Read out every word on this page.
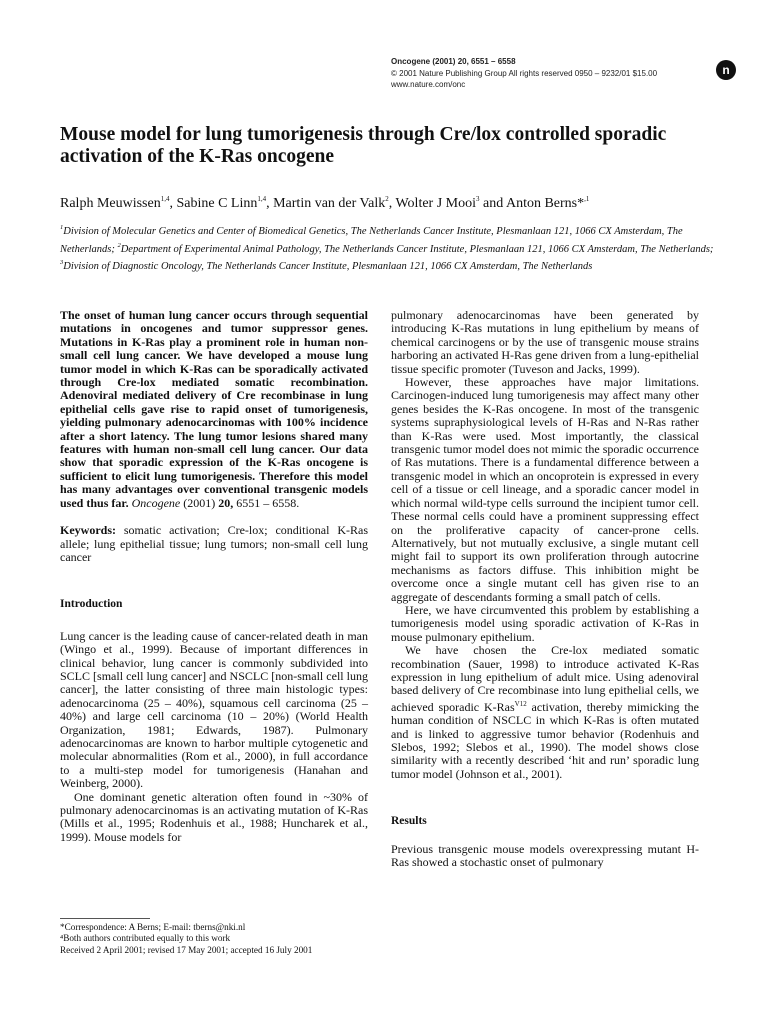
Oncogene (2001) 20, 6551 – 6558
© 2001 Nature Publishing Group All rights reserved 0950 – 9232/01 $15.00
www.nature.com/onc
n
Mouse model for lung tumorigenesis through Cre/lox controlled sporadic activation of the K-Ras oncogene
Ralph Meuwissen$^{1,4}$, Sabine C Linn$^{1,4}$, Martin van der Valk$^2$, Wolter J Mooi$^3$ and Anton Berns*$^{,1}$
$^1$Division of Molecular Genetics and Center of Biomedical Genetics, The Netherlands Cancer Institute, Plesmanlaan 121, 1066 CX Amsterdam, The Netherlands; $^2$Department of Experimental Animal Pathology, The Netherlands Cancer Institute, Plesmanlaan 121, 1066 CX Amsterdam, The Netherlands; $^3$Division of Diagnostic Oncology, The Netherlands Cancer Institute, Plesmanlaan 121, 1066 CX Amsterdam, The Netherlands

The onset of human lung cancer occurs through sequential mutations in oncogenes and tumor suppressor genes. Mutations in K-Ras play a prominent role in human non-small cell lung cancer. We have developed a mouse lung tumor model in which K-Ras can be sporadically activated through Cre-lox mediated somatic recombination. Adenoviral mediated delivery of Cre recombinase in lung epithelial cells gave rise to rapid onset of tumorigenesis, yielding pulmonary adenocarcinomas with 100% incidence after a short latency. The lung tumor lesions shared many features with human non-small cell lung cancer. Our data show that sporadic expression of the K-Ras oncogene is sufficient to elicit lung tumorigenesis. Therefore this model has many advantages over conventional transgenic models used thus far. Oncogene (2001) 20, 6551 – 6558.

Keywords: somatic activation; Cre-lox; conditional K-Ras allele; lung epithelial tissue; lung tumors; non-small cell lung cancer

Introduction

Lung cancer is the leading cause of cancer-related death in man (Wingo et al., 1999). Because of important differences in clinical behavior, lung cancer is commonly subdivided into SCLC [small cell lung cancer] and NSCLC [non-small cell lung cancer], the latter consisting of three main histologic types: adenocarcinoma (25 – 40%), squamous cell carcinoma (25 – 40%) and large cell carcinoma (10 – 20%) (World Health Organization, 1981; Edwards, 1987). Pulmonary adenocarcinomas are known to harbor multiple cytogenetic and molecular abnormalities (Rom et al., 2000), in full accordance to a multi-step model for tumorigenesis (Hanahan and Weinberg, 2000).

One dominant genetic alteration often found in ~30% of pulmonary adenocarcinomas is an activating mutation of K-Ras (Mills et al., 1995; Rodenhuis et al., 1988; Huncharek et al., 1999). Mouse models for

pulmonary adenocarcinomas have been generated by introducing K-Ras mutations in lung epithelium by means of chemical carcinogens or by the use of transgenic mouse strains harboring an activated H-Ras gene driven from a lung-epithelial tissue specific promoter (Tuveson and Jacks, 1999).

However, these approaches have major limitations. Carcinogen-induced lung tumorigenesis may affect many other genes besides the K-Ras oncogene. In most of the transgenic systems supraphysiological levels of H-Ras and N-Ras rather than K-Ras were used. Most importantly, the classical transgenic tumor model does not mimic the sporadic occurrence of Ras mutations. There is a fundamental difference between a transgenic model in which an oncoprotein is expressed in every cell of a tissue or cell lineage, and a sporadic cancer model in which normal wild-type cells surround the incipient tumor cell. These normal cells could have a prominent suppressing effect on the proliferative capacity of cancer-prone cells. Alternatively, but not mutually exclusive, a single mutant cell might fail to support its own proliferation through autocrine mechanisms as factors diffuse. This inhibition might be overcome once a single mutant cell has given rise to an aggregate of descendants forming a small patch of cells.

Here, we have circumvented this problem by establishing a tumorigenesis model using sporadic activation of K-Ras in mouse pulmonary epithelium.

We have chosen the Cre-lox mediated somatic recombination (Sauer, 1998) to introduce activated K-Ras expression in lung epithelium of adult mice. Using adenoviral based delivery of Cre recombinase into lung epithelial cells, we achieved sporadic K-Ras$^{V12}$ activation, thereby mimicking the human condition of NSCLC in which K-Ras is often mutated and is linked to aggressive tumor behavior (Rodenhuis and Slebos, 1992; Slebos et al., 1990). The model shows close similarity with a recently described ‘hit and run’ sporadic lung tumor model (Johnson et al., 2001).

Results

Previous transgenic mouse models overexpressing mutant H-Ras showed a stochastic onset of pulmonary

*Correspondence: A Berns; E-mail: tberns@nki.nl
⁴Both authors contributed equally to this work
Received 2 April 2001; revised 17 May 2001; accepted 16 July 2001
